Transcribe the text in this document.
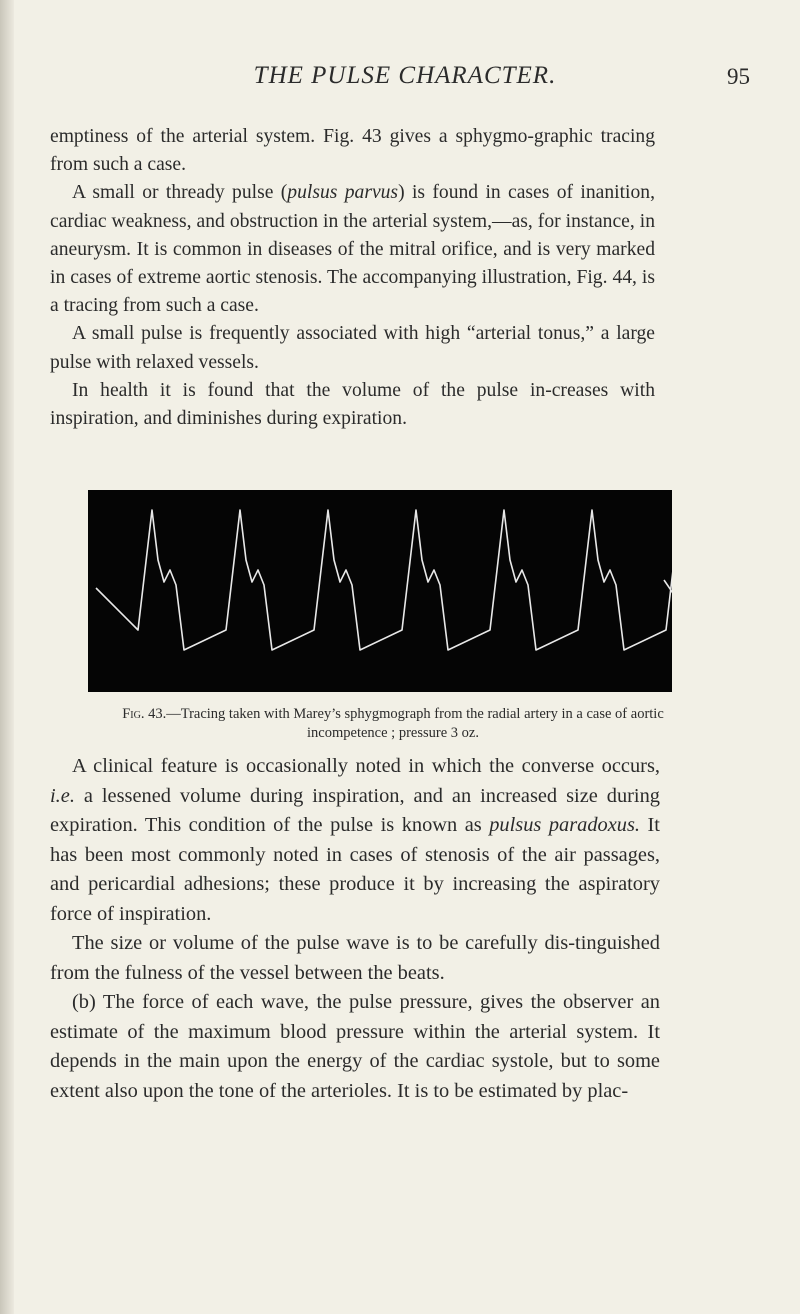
THE PULSE CHARACTER.	95

emptiness of the arterial system. Fig. 43 gives a sphygmo-graphic tracing from such a case.

A small or thready pulse (pulsus parvus) is found in cases of inanition, cardiac weakness, and obstruction in the arterial system,—as, for instance, in aneurysm. It is common in diseases of the mitral orifice, and is very marked in cases of extreme aortic stenosis. The accompanying illustration, Fig. 44, is a tracing from such a case.

A small pulse is frequently associated with high “arterial tonus,” a large pulse with relaxed vessels.

In health it is found that the volume of the pulse in-creases with inspiration, and diminishes during expiration.

Fig. 43.—Tracing taken with Marey’s sphygmograph from the radial artery in a case of aortic incompetence ; pressure 3 oz.

A clinical feature is occasionally noted in which the converse occurs, i.e. a lessened volume during inspiration, and an increased size during expiration. This condition of the pulse is known as pulsus paradoxus. It has been most commonly noted in cases of stenosis of the air passages, and pericardial adhesions; these produce it by increasing the aspiratory force of inspiration.

The size or volume of the pulse wave is to be carefully dis-tinguished from the fulness of the vessel between the beats.

(b) The force of each wave, the pulse pressure, gives the observer an estimate of the maximum blood pressure within the arterial system. It depends in the main upon the energy of the cardiac systole, but to some extent also upon the tone of the arterioles. It is to be estimated by plac-
